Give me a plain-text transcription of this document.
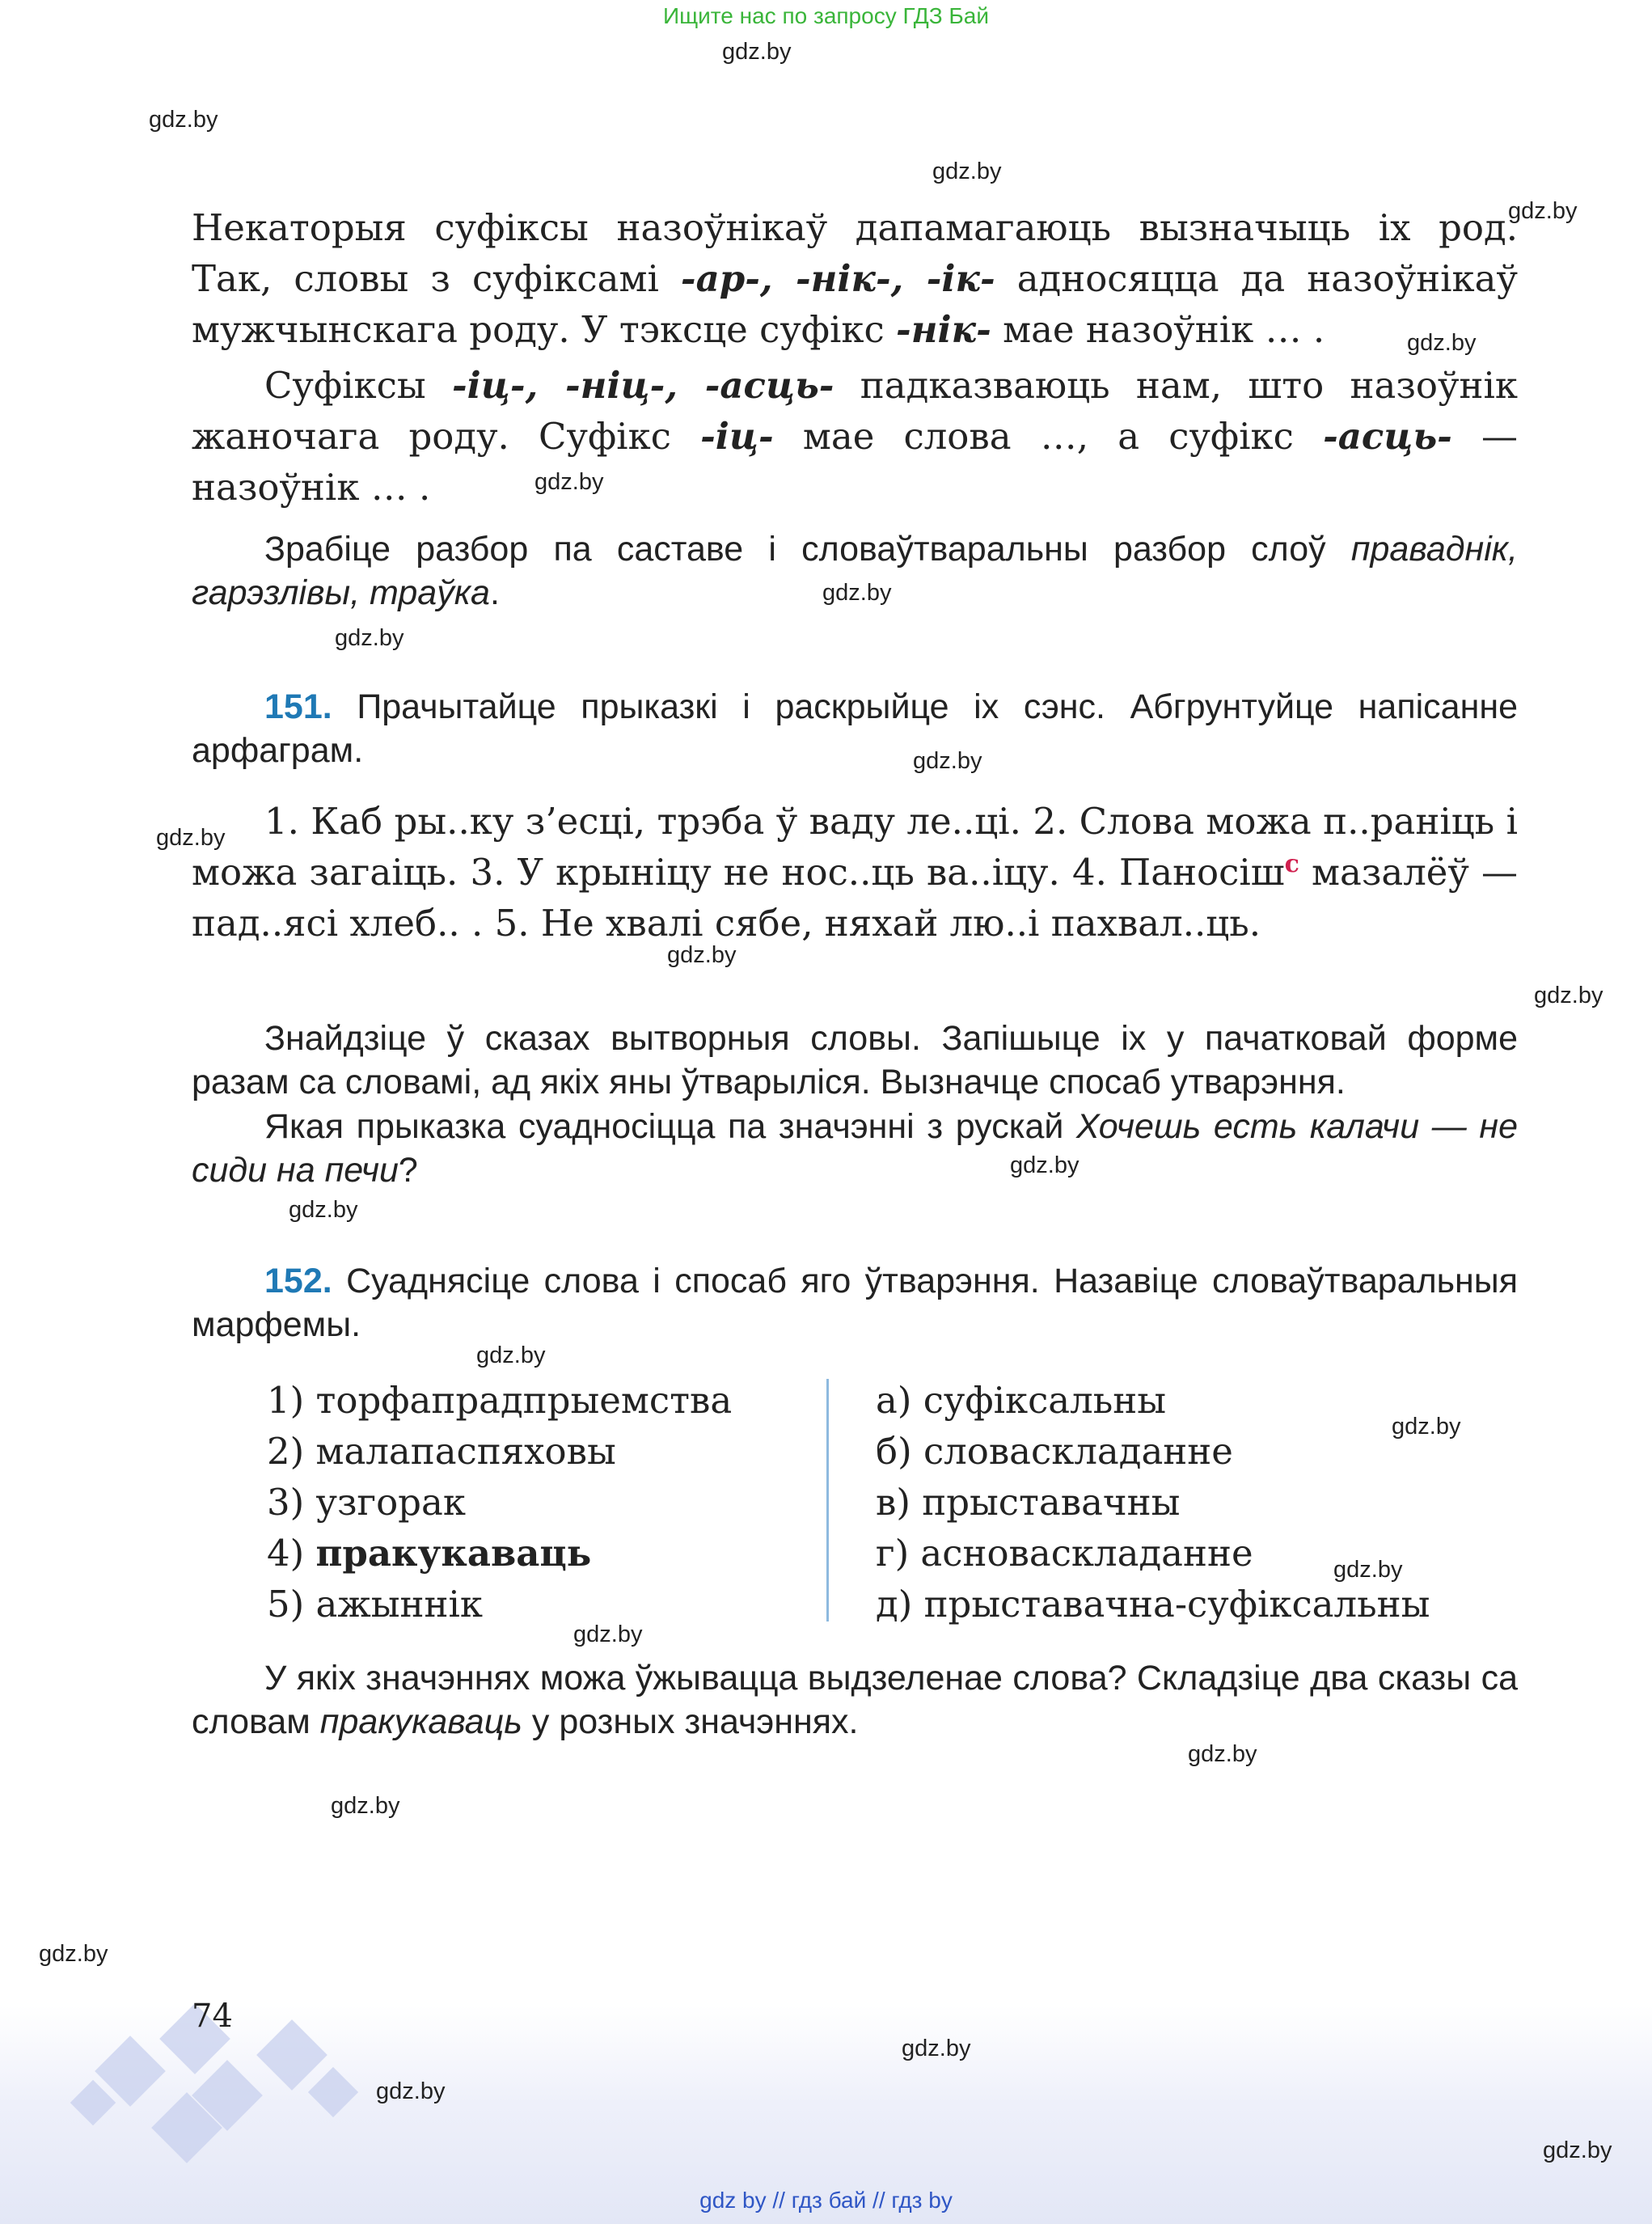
Ищите нас по запросу ГДЗ Бай
gdz.by
gdz.by
gdz.by
gdz.by
gdz.by
gdz.by
gdz.by
gdz.by
gdz.by
gdz.by
gdz.by
gdz.by
gdz.by
gdz.by
gdz.by
gdz.by
gdz.by
gdz.by
gdz.by
gdz.by
gdz.by
Некаторыя суфіксы назоўнікаў дапамагаюць вызначыць іх род.
Так, словы з суфіксамі -ар-, -нік-, -ік- адносяцца да назоўнікаў
мужчынскага роду. У тэксце суфікс -нік- мае назоўнік … .
Суфіксы -іц-, -ніц-, -асць- падказваюць нам, што назоўнік жаночага роду. Суфікс -іц- мае слова …, а суфікс -асць- — назоўнік … .
Зрабіце разбор па саставе і словаўтваральны разбор слоў праваднік, гарэзлівы, траўка.
151. Прачытайце прыказкі і раскрыйце іх сэнс. Абгрунтуйце напісанне арфаграм.
1. Каб ры..ку з’есці, трэба ў ваду ле..ці. 2. Слова можа п..раніць і можа загаіць. 3. У крыніцу не нос..ць ва..іцу. 4. Паносіш$^с$ мазалёў — пад..ясі хлеб.. . 5. Не хвалі сябе, няхай лю..і пахвал..ць.
Знайдзіце ў сказах вытворныя словы. Запішыце іх у пачатковай форме разам са словамі, ад якіх яны ўтварыліся. Вызначце спосаб утварэння.
Якая прыказка суадносіцца па значэнні з рускай Хочешь есть калачи — не сиди на печи?
152. Суаднясіце слова і спосаб яго ўтварэння. Назавіце словаўтваральныя марфемы.
1) торфапрадпрыемства
2) малапаспяховы
3) узгорак
4) пракукаваць
5) ажыннік
а) суфіксальны
б) словаскладанне
в) прыставачны
г) асноваскладанне
д) прыставачна-суфіксальны
У якіх значэннях можа ўжывацца выдзеленае слова? Складзіце два сказы са словам пракукаваць у розных значэннях.
74
gdz.by
gdz.by
gdz.by
gdz by // гдз бай // гдз by
